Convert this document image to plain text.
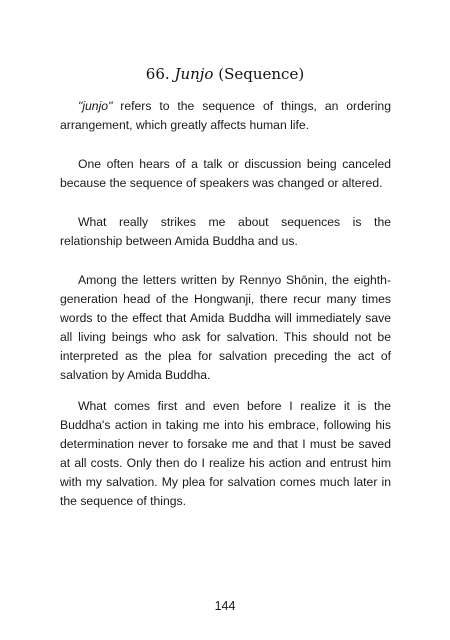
66. Junjo (Sequence)

"junjo" refers to the sequence of things, an ordering arrangement, which greatly affects human life.

One often hears of a talk or discussion being canceled because the sequence of speakers was changed or altered.

What really strikes me about sequences is the relationship between Amida Buddha and us.

Among the letters written by Rennyo Shōnin, the eighth-generation head of the Hongwanji, there recur many times words to the effect that Amida Buddha will immediately save all living beings who ask for salvation. This should not be interpreted as the plea for salvation preceding the act of salvation by Amida Buddha.

What comes first and even before I realize it is the Buddha's action in taking me into his embrace, following his determination never to forsake me and that I must be saved at all costs. Only then do I realize his action and entrust him with my salvation. My plea for salvation comes much later in the sequence of things.

144
